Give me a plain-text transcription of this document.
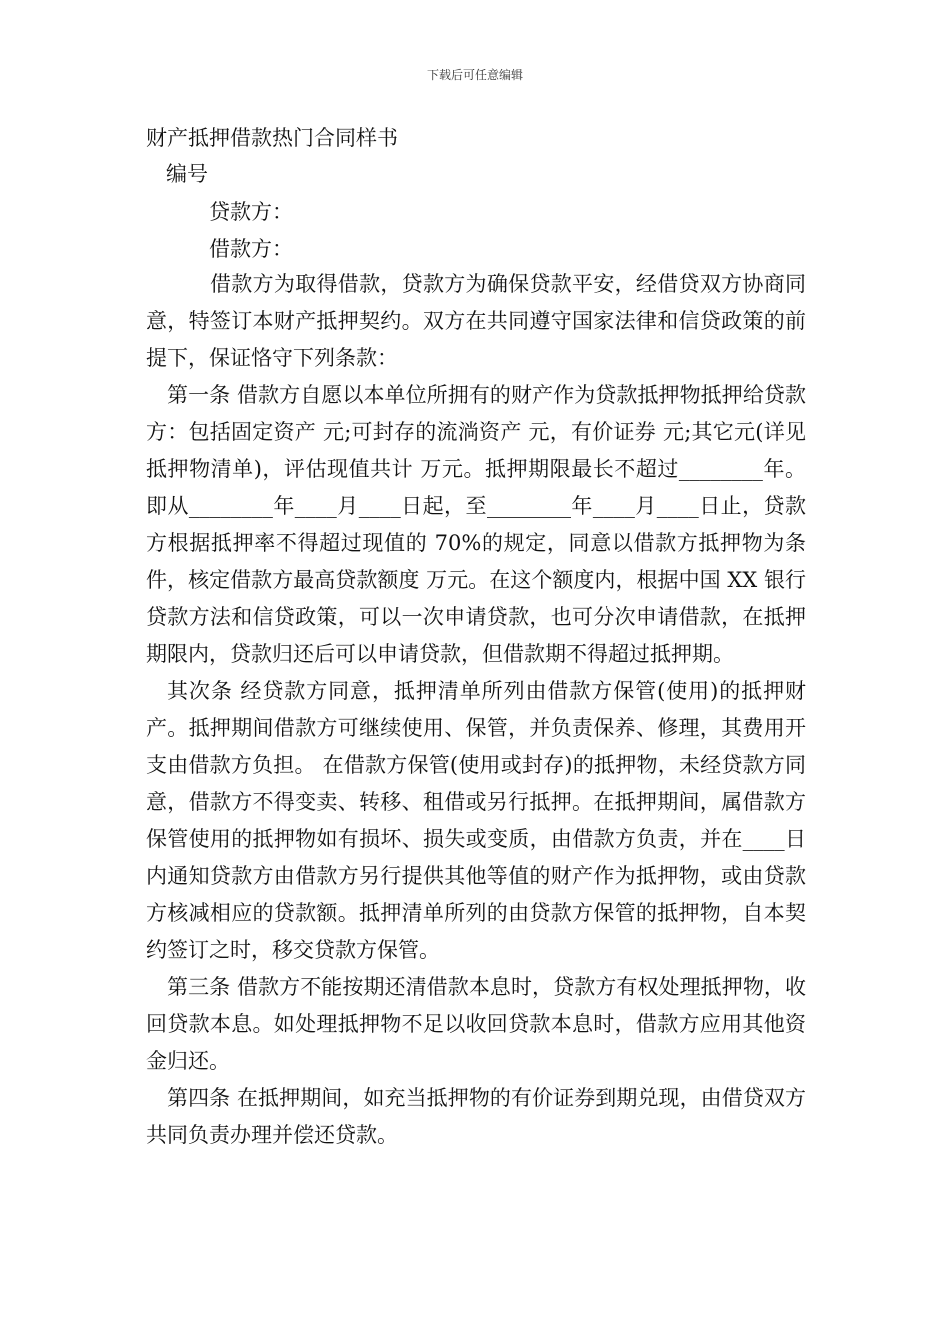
下载后可任意编辑
财产抵押借款热门合同样书
编号
贷款方：
借款方：

借款方为取得借款，贷款方为确保贷款平安，经借贷双方协商同意，特签订本财产抵押契约。双方在共同遵守国家法律和信贷政策的前提下，保证恪守下列条款：

第一条 借款方自愿以本单位所拥有的财产作为贷款抵押物抵押给贷款方：包括固定资产 元;可封存的流淌资产 元，有价证券 元;其它元(详见抵押物清单)，评估现值共计 万元。抵押期限最长不超过________年。即从________年____月____日起，至________年____月____日止，贷款方根据抵押率不得超过现值的 70%的规定，同意以借款方抵押物为条件，核定借款方最高贷款额度 万元。在这个额度内，根据中国 XX 银行贷款方法和信贷政策，可以一次申请贷款，也可分次申请借款，在抵押期限内，贷款归还后可以申请贷款，但借款期不得超过抵押期。

其次条 经贷款方同意，抵押清单所列由借款方保管(使用)的抵押财产。抵押期间借款方可继续使用、保管，并负责保养、修理，其费用开支由借款方负担。 在借款方保管(使用或封存)的抵押物，未经贷款方同意，借款方不得变卖、转移、租借或另行抵押。在抵押期间，属借款方保管使用的抵押物如有损坏、损失或变质，由借款方负责，并在____日内通知贷款方由借款方另行提供其他等值的财产作为抵押物，或由贷款方核减相应的贷款额。抵押清单所列的由贷款方保管的抵押物，自本契约签订之时，移交贷款方保管。

第三条 借款方不能按期还清借款本息时，贷款方有权处理抵押物，收回贷款本息。如处理抵押物不足以收回贷款本息时，借款方应用其他资金归还。

第四条 在抵押期间，如充当抵押物的有价证券到期兑现，由借贷双方共同负责办理并偿还贷款。
